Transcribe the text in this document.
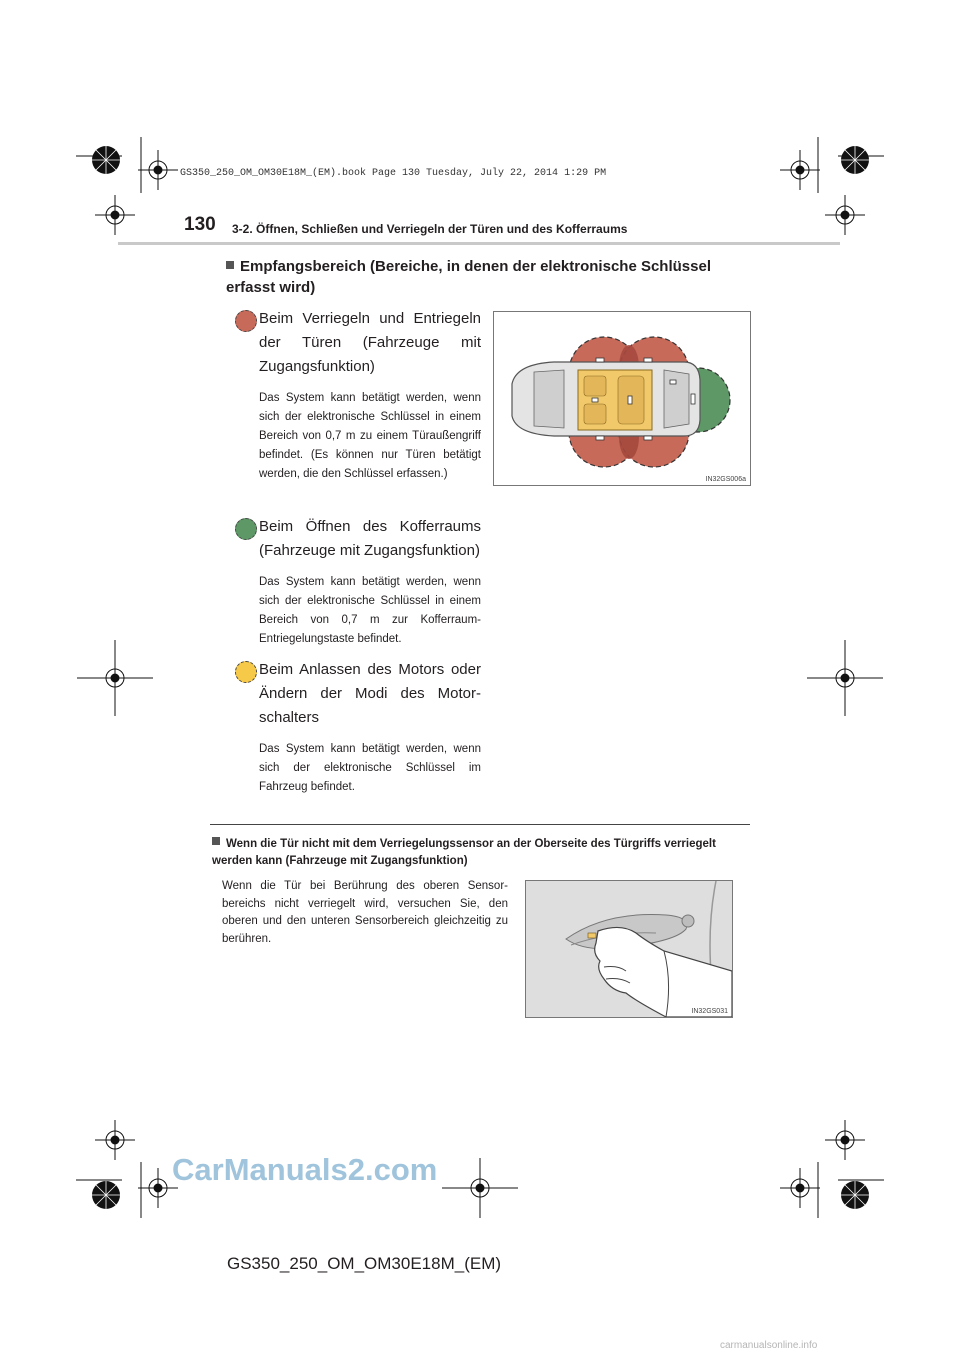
GS350_250_OM_OM30E18M_(EM).book Page 130 Tuesday, July 22, 2014 1:29 PM
130 3-2. Öffnen, Schließen und Verriegeln der Türen und des Kofferraums
Empfangsbereich (Bereiche, in denen der elektronische Schlüssel erfasst wird)
Beim Verriegeln und Entriegeln der Türen (Fahrzeuge mit Zugangsfunktion)
Das System kann betätigt werden, wenn sich der elektronische Schlüssel in einem Bereich von 0,7 m zu einem Türaußengriff befindet. (Es können nur Türen betätigt werden, die den Schlüssel erfassen.)
Beim Öffnen des Kofferraums (Fahrzeuge mit Zugangsfunktion)
Das System kann betätigt werden, wenn sich der elektronische Schlüssel in einem Bereich von 0,7 m zur Kofferraum-Entriegelungstaste befindet.
Beim Anlassen des Motors oder Ändern der Modi des Motorschalters
Das System kann betätigt werden, wenn sich der elektronische Schlüssel im Fahrzeug befindet.
IN32GS006a
Wenn die Tür nicht mit dem Verriegelungssensor an der Oberseite des Türgriffs verriegelt werden kann (Fahrzeuge mit Zugangsfunktion)
Wenn die Tür bei Berührung des oberen Sensorbereichs nicht verriegelt wird, versuchen Sie, den oberen und den unteren Sensorbereich gleichzeitig zu berühren.
IN32GS031
GS350_250_OM_OM30E18M_(EM)
CarManuals2.com
carmanualsonline.info
